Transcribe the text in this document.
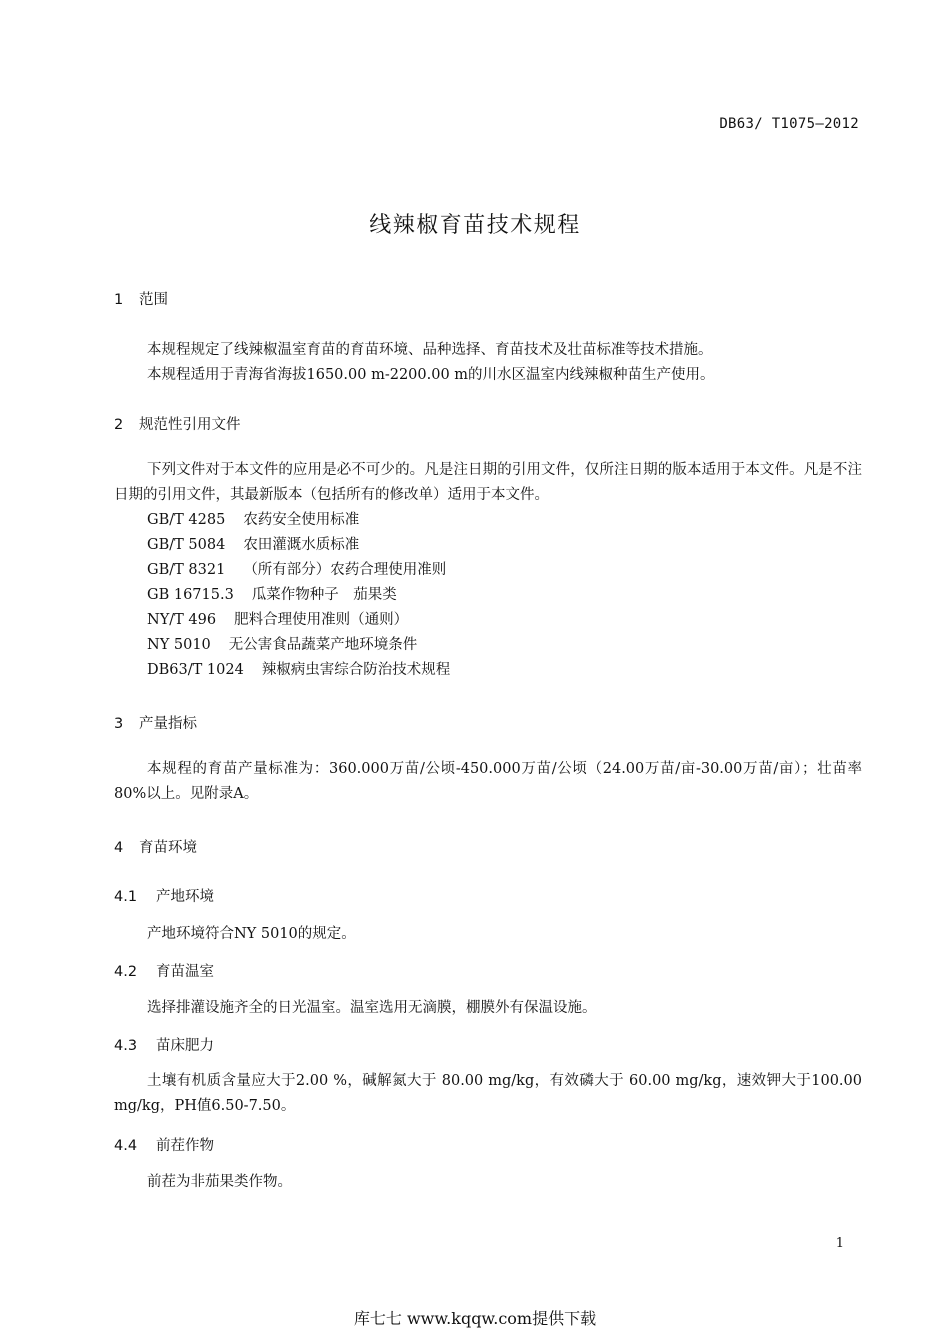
DB63/ T1075—2012
线辣椒育苗技术规程
1 范围
本规程规定了线辣椒温室育苗的育苗环境、品种选择、育苗技术及壮苗标准等技术措施。
本规程适用于青海省海拔1650.00 m-2200.00 m的川水区温室内线辣椒种苗生产使用。
2 规范性引用文件
下列文件对于本文件的应用是必不可少的。凡是注日期的引用文件，仅所注日期的版本适用于本文件。凡是不注日期的引用文件，其最新版本（包括所有的修改单）适用于本文件。
GB/T 4285 农药安全使用标准
GB/T 5084 农田灌溉水质标准
GB/T 8321 （所有部分）农药合理使用准则
GB 16715.3 瓜菜作物种子　茄果类
NY/T 496 肥料合理使用准则（通则）
NY 5010 无公害食品蔬菜产地环境条件
DB63/T 1024 辣椒病虫害综合防治技术规程
3 产量指标
本规程的育苗产量标准为：360.000万苗/公顷-450.000万苗/公顷（24.00万苗/亩-30.00万苗/亩）；壮苗率80%以上。见附录A。
4 育苗环境
4.1 产地环境
产地环境符合NY 5010的规定。
4.2 育苗温室
选择排灌设施齐全的日光温室。温室选用无滴膜，棚膜外有保温设施。
4.3 苗床肥力
土壤有机质含量应大于2.00 %，碱解氮大于 80.00 mg/kg，有效磷大于 60.00 mg/kg，速效钾大于100.00 mg/kg，PH值6.50-7.50。
4.4 前茬作物
前茬为非茄果类作物。
1
库七七 www.kqqw.com提供下载
